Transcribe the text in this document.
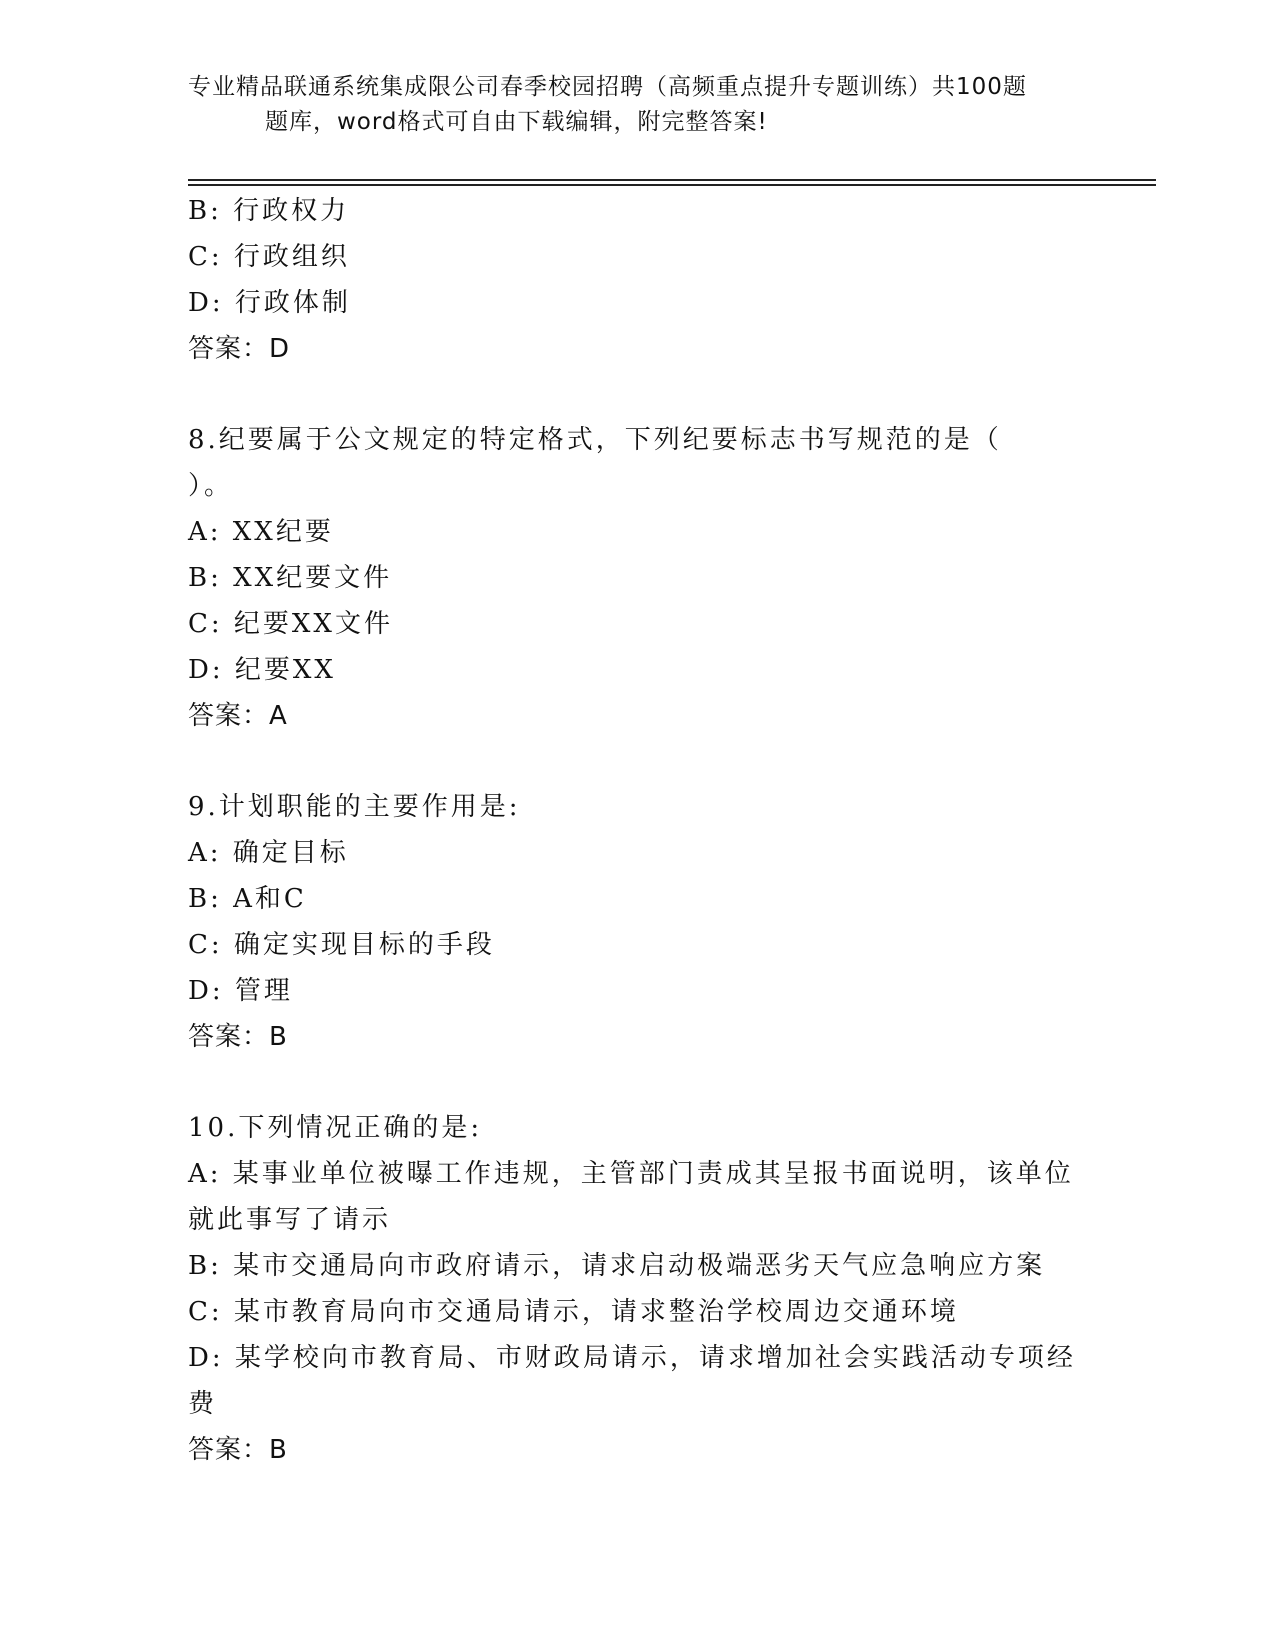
专业精品联通系统集成限公司春季校园招聘（高频重点提升专题训练）共100题
题库，word格式可自由下载编辑，附完整答案!
B: 行政权力
C: 行政组织
D: 行政体制
答案：D
8.纪要属于公文规定的特定格式，下列纪要标志书写规范的是（
）。
A: XX纪要
B: XX纪要文件
C: 纪要XX文件
D: 纪要XX
答案：A
9.计划职能的主要作用是:
A: 确定目标
B: A和C
C: 确定实现目标的手段
D: 管理
答案：B
10.下列情况正确的是:
A: 某事业单位被曝工作违规，主管部门责成其呈报书面说明，该单位
就此事写了请示
B: 某市交通局向市政府请示，请求启动极端恶劣天气应急响应方案
C: 某市教育局向市交通局请示，请求整治学校周边交通环境
D: 某学校向市教育局、市财政局请示，请求增加社会实践活动专项经
费
答案：B
